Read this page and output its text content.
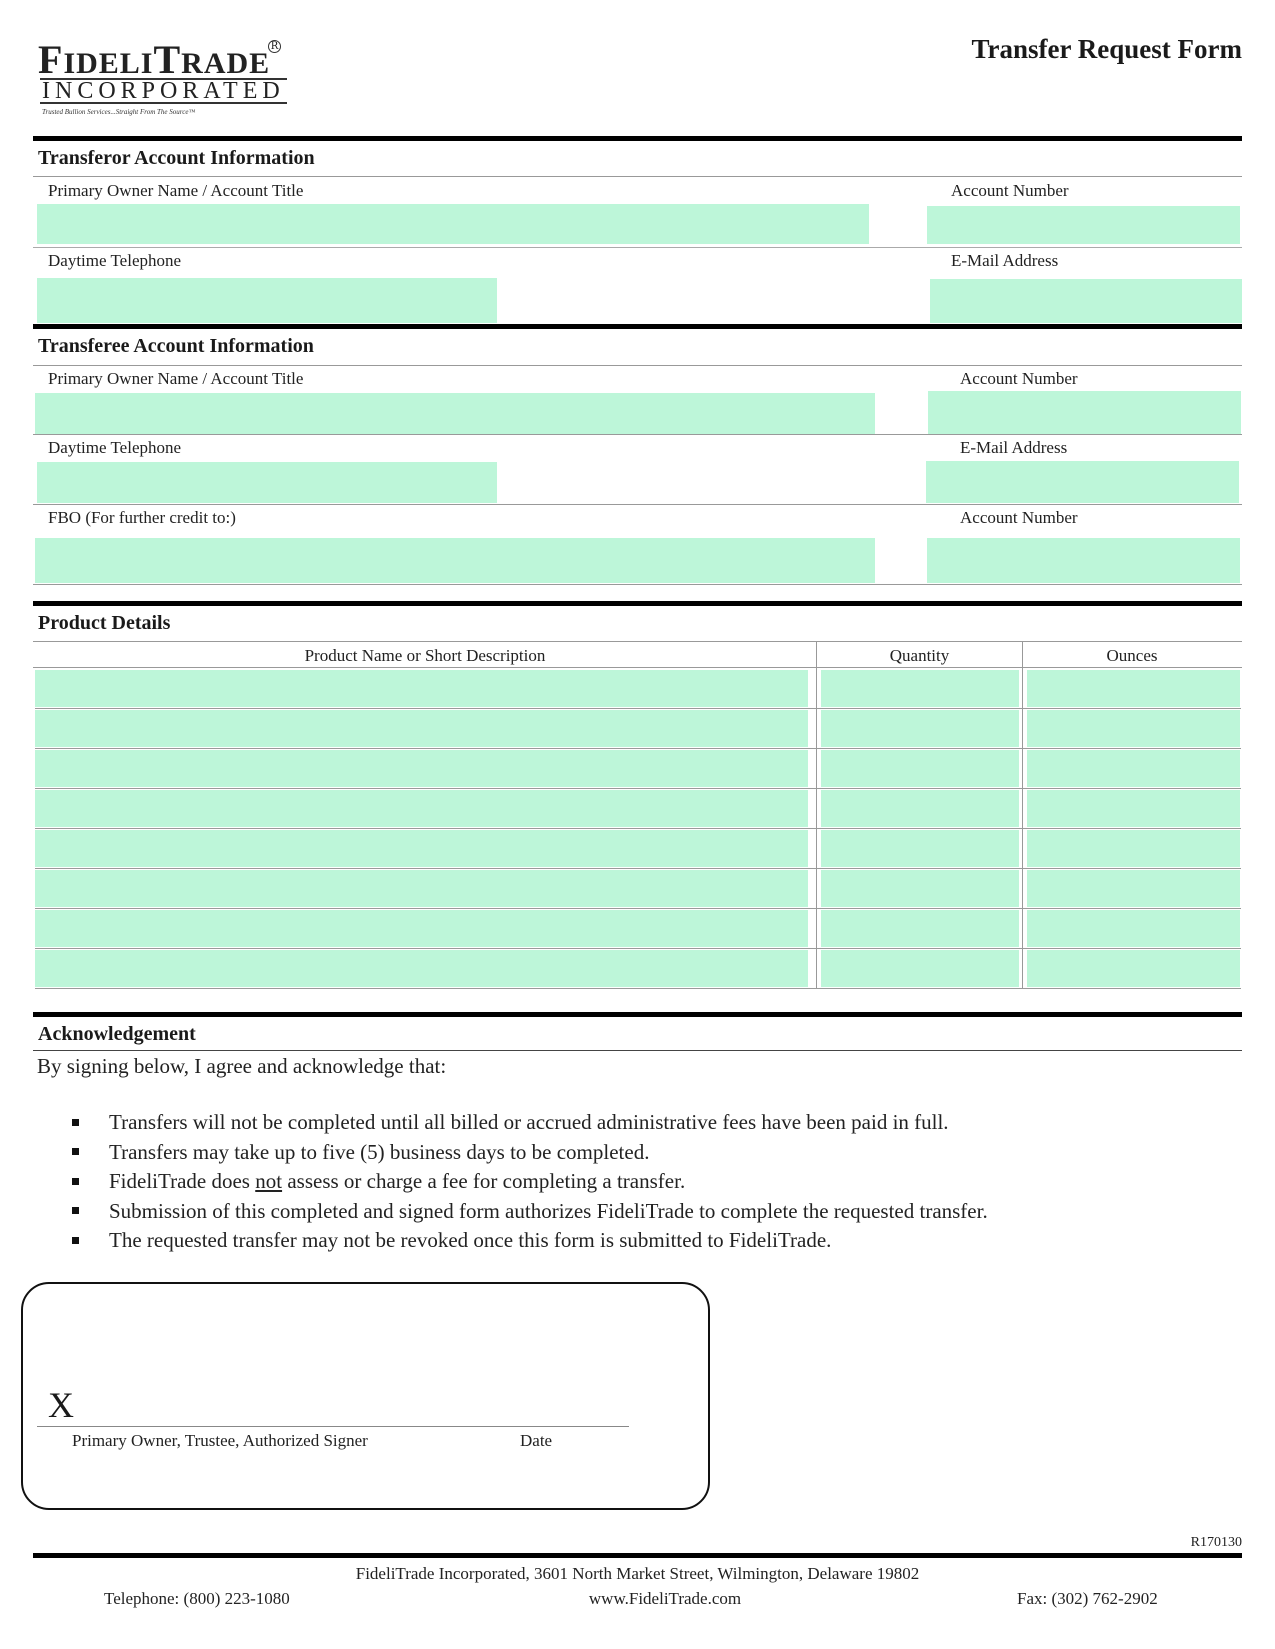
FIDELITRADE
R
INCORPORATED
Trusted Bullion Services...Straight From The Source™
Transfer Request Form
Transferor Account Information
Primary Owner Name / Account Title	Account Number
Daytime Telephone	E-Mail Address
Transferee Account Information
Primary Owner Name / Account Title	Account Number
Daytime Telephone	E-Mail Address
FBO (For further credit to:)	Account Number
Product Details
Product Name or Short Description	Quantity	Ounces
Acknowledgement
By signing below, I agree and acknowledge that:
Transfers will not be completed until all billed or accrued administrative fees have been paid in full.
Transfers may take up to five (5) business days to be completed.
FideliTrade does not assess or charge a fee for completing a transfer.
Submission of this completed and signed form authorizes FideliTrade to complete the requested transfer.
The requested transfer may not be revoked once this form is submitted to FideliTrade.
X
Primary Owner, Trustee, Authorized Signer	Date
R170130
FideliTrade Incorporated, 3601 North Market Street, Wilmington, Delaware 19802
Telephone: (800) 223-1080	www.FideliTrade.com	Fax: (302) 762-2902
